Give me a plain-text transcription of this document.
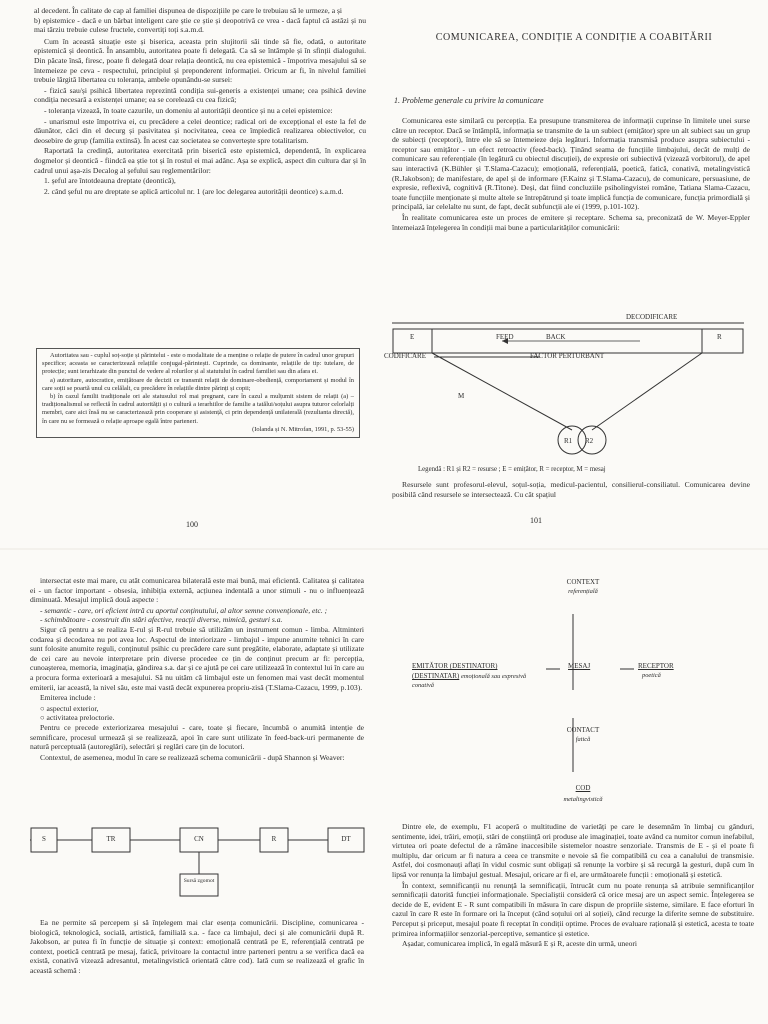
al decedent. În calitate de cap al familiei dispunea de dispozițiile pe care le trebuiau să le urmeze, a și
b) epistemice - dacă e un bărbat inteligent care știe ce știe și deopotrivă ce vrea - dacă faptul că astăzi și nu mai târziu trebuie culese fructele, convertiți toți s.a.m.d.

Cum în această situație este și biserica, aceasta prin slujitorii săi tinde să fie, odată, o autoritate epistemică și deontică. În ansamblu, autoritatea poate fi delegată. Ca să se întâmple și în sfinții dialogului. Din păcate însă, firesc, poate fi delegată doar relația deontică, nu cea epistemică - împotriva mesajului să se întemeieze pe ceva - respectului, principiul și preponderent informației. Oricum ar fi, în nivelul familiei trebuie lărgită libertatea cu toleranța, ambele opunându-se sursei:

- fizică sau/și psihică libertatea reprezintă condiția sui-generis a existenței umane; cea psihică devine condiția necesară a existenței umane; ea se corelează cu cea fizică;

- toleranța vizează, în toate cazurile, un domeniu al autorității deontice și nu a celei epistemice:

- unarismul este împotriva ei, cu precădere a celei deontice; radical ori de excepțional el este la fel de dăunător, căci din el decurg și pasivitatea și nocivitatea, ceea ce împiedică realizarea obiectivelor, cu deosebire de grup (familia extinsă). În acest caz societatea se convertește spre totalitarism.

Raportată la credință, autoritatea exercitată prin biserică este epistemică, dependentă, în explicarea dogmelor și deontică - fiindcă ea știe tot și în rostul ei mai adânc. Așa se explică, aspect din cultura dar și în cadrul unui așa-zis Decalog al șefului sau reglementărilor:

1. șeful are întotdeauna dreptate (deontică),

2. când șeful nu are dreptate se aplică articolul nr. 1 (are loc delegarea autorității deontice) s.a.m.d.

Autoritatea sau - cuplul soț-soție și părintelui - este o modalitate de a menține o relație de putere în cadrul unor grupuri specifice; aceasta se caracterizează relațiile conjugal-părintești. Cuprinde, ca dominante, relațiile de tip: tutelare, de protecție; sunt ierarhizate din punctul de vedere al rolurilor și al statutului în cadrul familiei sau din afara ei.

a) autoritare, autocratice, emițătoare de decizii ce transmit relații de dominare-obediență, comportament și modul în care soții se poartă unul cu celălalt, cu precădere în relațiile dintre părinți și copii;

b) în cazul familii tradiționale ori ale statusului rol mai pregnant, care în cazul a mulțumit sistem de relații (a) – tradiționalismul se reflectă în cadrul autorității și o cultură a ierarhiilor de familie a tatălui/soțului asupra tuturor celorlalți membri, care aici însă nu se caracterizează prin cooperare și asistență, ci prin dependență unilaterală (rezultanta directă), în care nu se formează o relație aproape egală între parteneri.

(Iolanda și N. Mitrofan, 1991, p. 53-55)
100
COMUNICAREA, CONDIȚIE A CONDIȚIE A COABITĂRII
1. Probleme generale cu privire la comunicare

Comunicarea este similară cu percepția. Ea presupune transmiterea de informații cuprinse în limitele unei surse către un receptor. Dacă se întâmplă, informația se transmite de la un subiect (emițător) spre un alt subiect sau un grup de subiecți (receptori), între ele să se întemeieze deja legături. Informația transmisă produce asupra subiectului - receptor sau emițător - un efect retroactiv (feed-back). Ținând seama de funcțiile limbajului, decât de mulți de comunicare sau referențiale (în legătură cu obiectul discuției), de expresie ori subiectivă (vizează vorbitorul), de apel sau interactivă (K.Bühler și T.Slama-Cazacu); emoțională, referențială, poetică, fatică, conativă, metalingvistică (R.Jakobson); de manifestare, de apel și de informare (F.Kainz și T.Slama-Cazacu), de comunicare, persuasiune, de expresie, reflexivă, cognitivă (R.Titone). Deși, dat fiind concluziile psiholingvistei române, Tatiana Slama-Cazacu, toate funcțiile menționate și multe altele se întrepătrund și toate implică funcția de comunicare, funcția primordială și principală, iar celelalte nu sunt, de fapt, decât subfuncții ale ei (1999, p.101-102).

În realitate comunicarea este un proces de emitere și receptare. Schema sa, preconizată de W. Meyer-Eppler întemeiază înțelegerea în condiții mai bune a particularităților comunicării:

DECODIFICARE
E	FEED	BACK	R
CODIFICARE	FACTOR PERTURBANT
M
R1 R2
Legendă : R1 și R2 = resurse ; E = emițător, R = receptor, M = mesaj

Resursele sunt profesorul-elevul, soțul-soția, medicul-pacientul, consilierul-consiliatul. Comunicarea devine posibilă când resursele se intersectează. Cu cât spațiul

101

intersectat este mai mare, cu atât comunicarea bilaterală este mai bună, mai eficientă. Calitatea și calitatea ei - un factor important - obsesia, inhibiția externă, acțiunea indentală a unor stimuli - nu o influențează diminuată. Mesajul implică două aspecte :

- semantic - care, ori eficient intră cu aportul conținutului, al altor semne convenționale, etc. ;
- schimbătoare - construit din stări afective, reacții diverse, mimică, gesturi s.a.

Sigur că pentru a se realiza E-rul și R-rul trebuie să utilizăm un instrument comun - limba. Altminteri codarea și decodarea nu pot avea loc. Aspectul de interiorizare - limbajul - impune anumite tehnici în care sunt folosite anumite reguli, conținutul psihic cu precădere care sunt pregătite, elaborate, adaptate și utilizate de cei care au nevoie interpretare prin diverse procedee ce țin de conținut precum ar fi: percepția, cunoașterea, memoria, imaginația, gândirea s.a. dar și ce ajută pe cei care utilizează în contextul lui în care au a procura forma exterioară a mesajului. Să nu uităm că limbajul este un fenomen mai vast decât momentul emiterii, iar această, la nivel său, este mai vastă decât expunerea propriu-zisă (T.Slama-Cazacu, 1999, p.103).

Emiterea include :

○ aspectul exterior,
○ activitatea preloctorie.

Pentru ce precede exteriorizarea mesajului - care, toate și fiecare, încumbă o anumită intenție de semnificare, procesul urmează și se realizează, apoi în care sunt utilizate în feed-back-uri permanente de natură perceptuală (autoreglări), selectări și reglări care țin de locutori.

Contextul, de asemenea, modul în care se realizează schema comunicării - după Shannon și Weaver:

S	TR	CN	R	DT
Sursă zgomot

Ea ne permite să percepem și să înțelegem mai clar esența comunicării. Discipline, comunicarea - biologică, teknologică, socială, artistică, familială s.a. - face ca limbajul, deci și ale comunicării după R. Jakobson, ar putea fi în funcție de situație și context: emoțională centrată pe E, referențială centrată pe context, poetică centrată pe mesaj, fatică, privitoare la contactul intre parteneri pentru a se verifica dacă ea există, conativă vizează adresantul, metalingvistică orientată către cod). Iată cum se realizează el grafic în această schemă :

CONTEXT
referențială
EMITĂTOR (DESTINATOR)
(DESTINATAR) emoțională sau expresivă
conativă
MESAJ	RECEPTOR
poetică
CONTACT
fatică
COD
metalingvistică

Dintre ele, de exemplu, F1 acoperă o multitudine de varietăți pe care le desemnăm în limbaj cu gânduri, sentimente, idei, trăiri, emoții, stări de conștiință ori produse ale imaginației, toate având ca numitor comun inefabilul, virtutea ori poate defectul de a rămâne inaccesibile sistemelor noastre senzoriale. Transmis de E - și el poate fi multiplu, dar oricum ar fi natura a ceea ce transmite e nevoie să fie compatibilă cu cea a canalului de transmisie. Astfel, doi cosmonauți aflați în vidul cosmic sunt obligați să renunțe la vorbire și să recurgă la gesturi, după cum în lipsă vor renunța la limbajul gestual. Mesajul, oricare ar fi el, are următoarele funcții : emoțională și estetică.

În context, semnificanții nu renunță la semnificații, întrucât cum nu poate renunța să atribuie semnificanților semnificații datorită funcției informaționale. Specialiștii consideră că orice mesaj are un aspect semic. Înțelegerea se decide de E, evident E - R sunt compatibili în măsura în care dispun de propriile sisteme, similare. E face eforturi în cazul în care R este în formare ori la început (când soțului ori al soției), când recurge la diferite semne de substituire. Perceput și priceput, mesajul poate fi receptat în condiții optime. Proces de evaluare rațională și estetică, acesta te toate primirea informațiilor senzorial-perceptive, semantice și estetice.

Așadar, comunicarea implică, în egală măsură E și R, aceste din urmă, uneori
